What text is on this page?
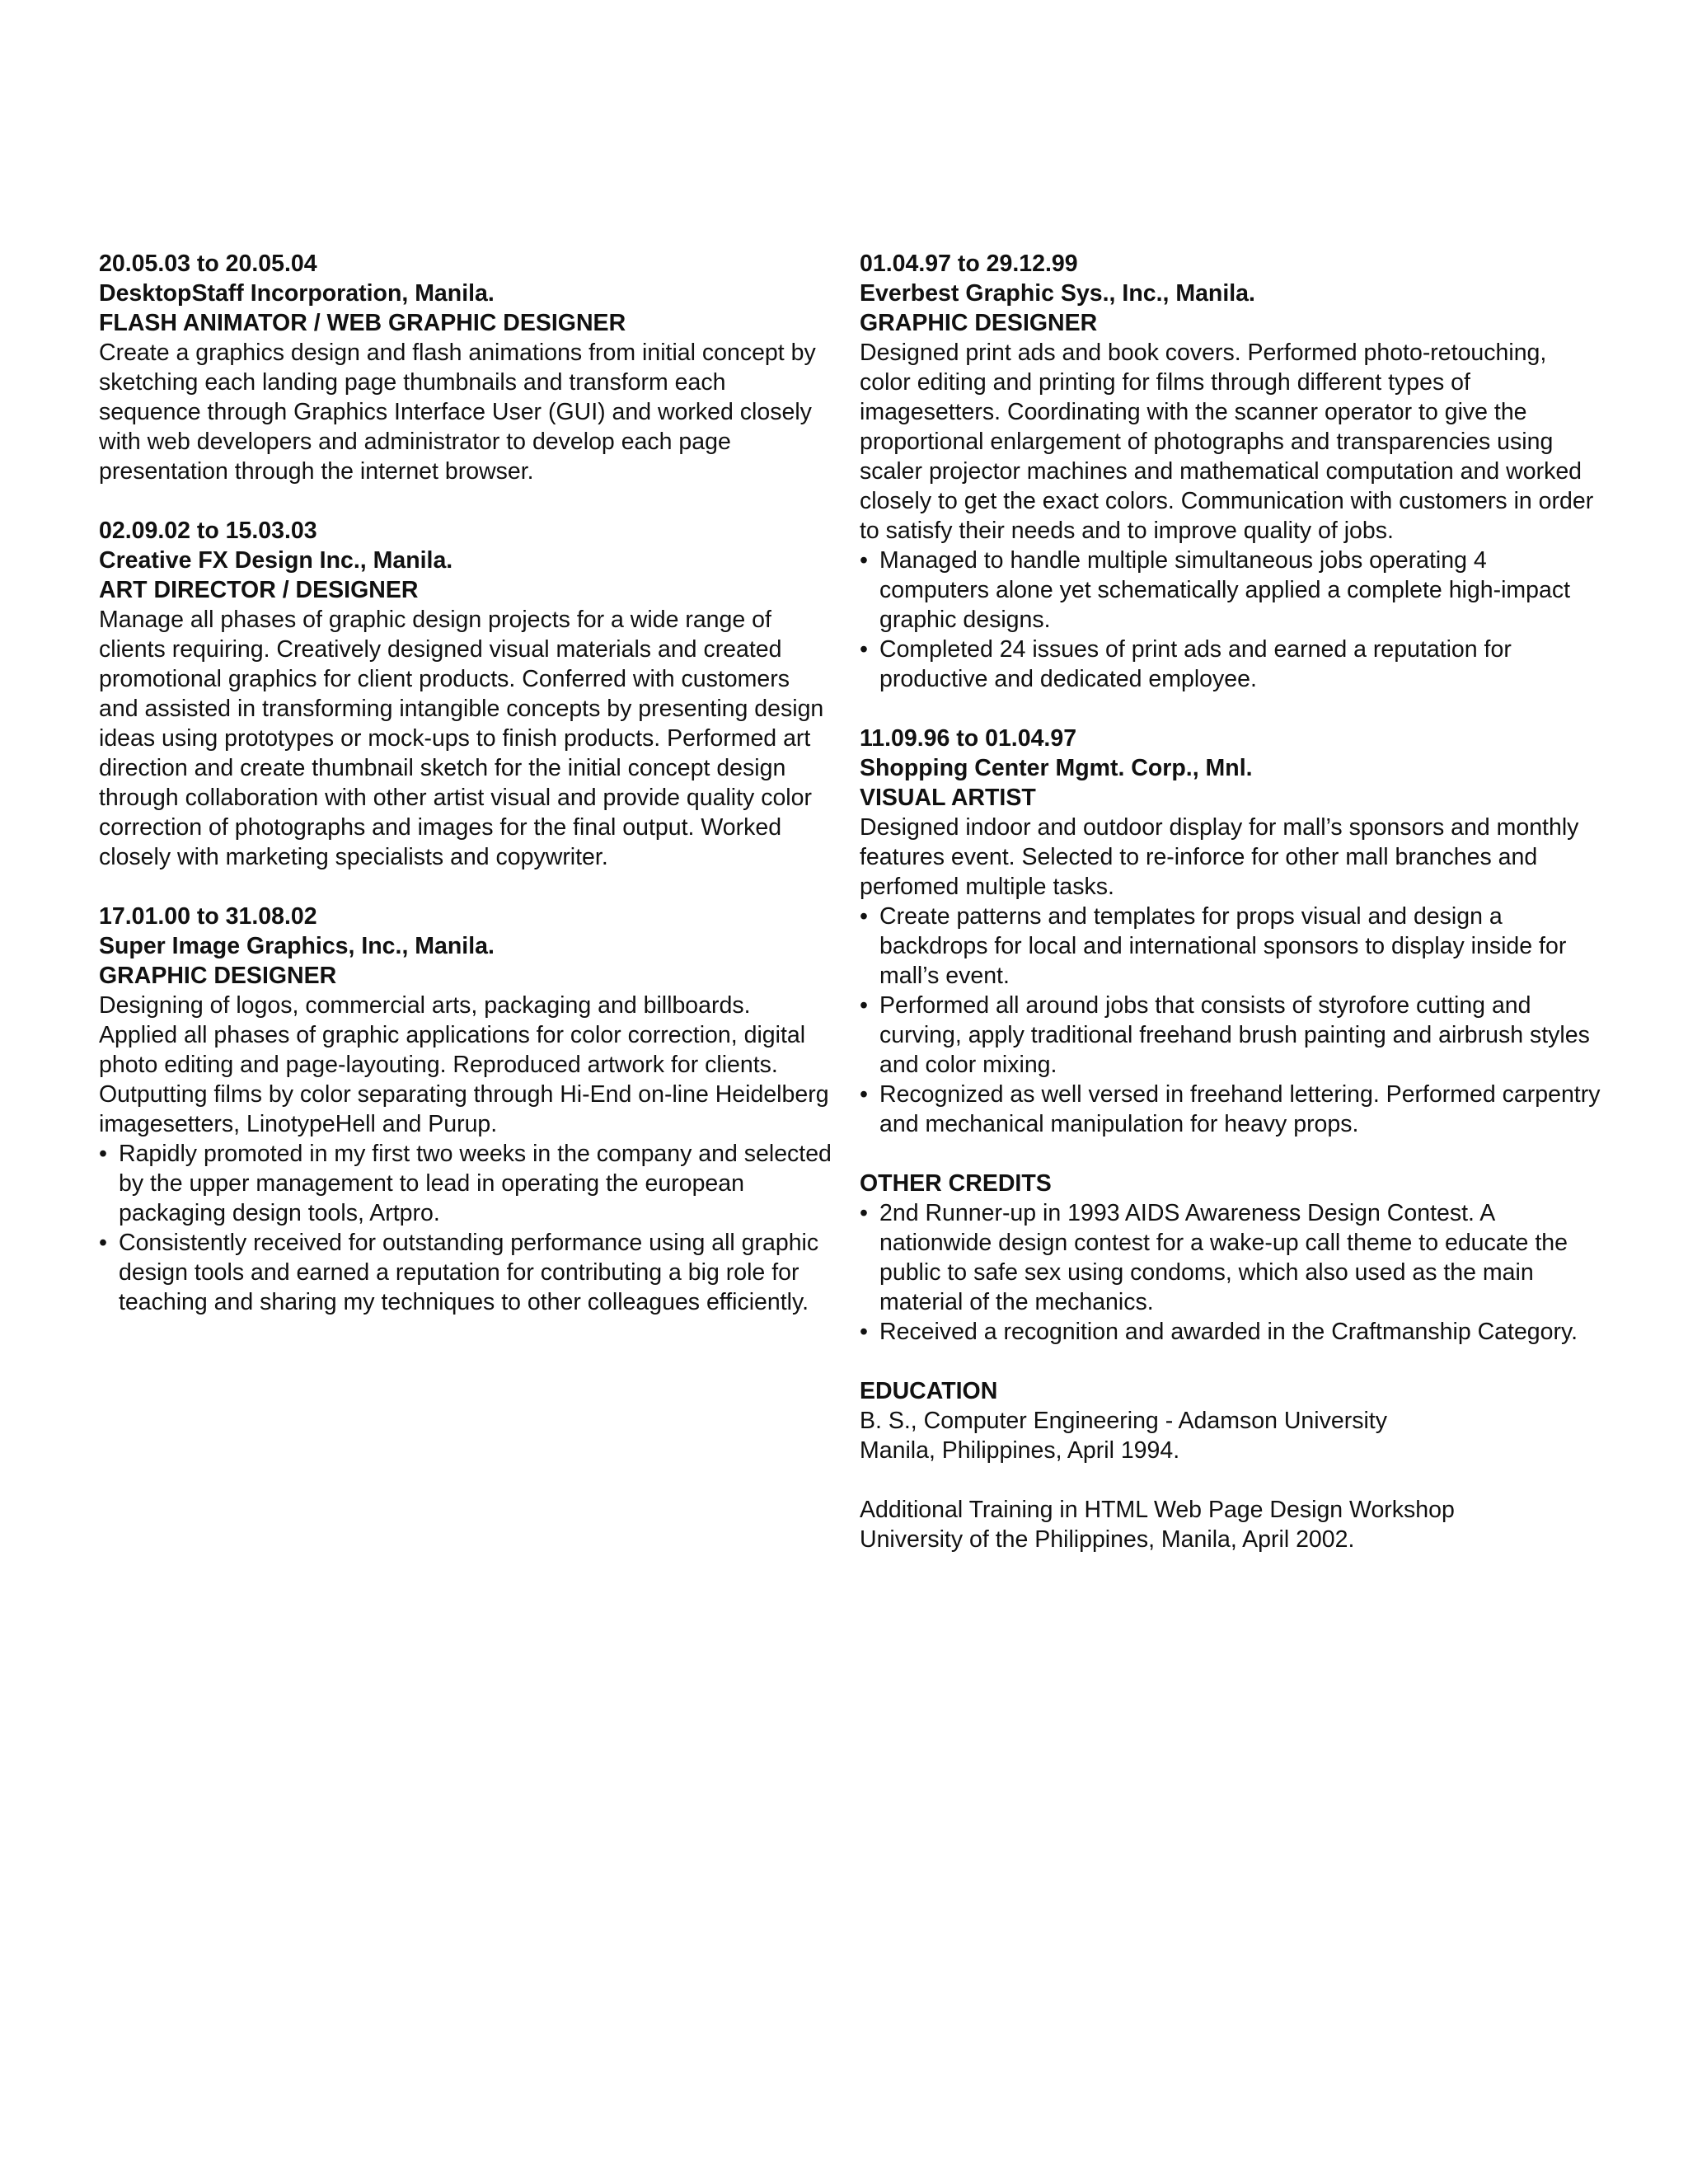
20.05.03 to 20.05.04

DesktopStaff Incorporation, Manila.

FLASH ANIMATOR / WEB GRAPHIC DESIGNER

Create a graphics design and flash animations from initial concept by sketching each landing page thumbnails and transform each sequence through Graphics Interface User (GUI) and worked closely with web developers and administrator to develop each page presentation through the internet browser.

02.09.02 to 15.03.03

Creative FX Design Inc., Manila.

ART DIRECTOR / DESIGNER

Manage all phases of graphic design projects for a wide range of clients requiring. Creatively designed visual materials and created promotional graphics for client products. Conferred with customers and assisted in transforming intangible concepts by presenting design ideas using prototypes or mock-ups to finish products. Performed art direction and create thumbnail sketch for the initial concept design through collaboration with other artist visual and provide quality color correction of photographs and images for the final output. Worked closely with marketing specialists and copywriter.

17.01.00 to 31.08.02

Super Image Graphics, Inc., Manila.

GRAPHIC DESIGNER

Designing of logos, commercial arts, packaging and billboards. Applied all phases of graphic applications for color correction, digital photo editing and page-layouting. Reproduced artwork for clients. Outputting films by color separating through Hi-End on-line Heidelberg imagesetters, LinotypeHell and Purup.

• Rapidly promoted in my first two weeks in the company and selected by the upper management to lead in operating the european packaging design tools, Artpro.
• Consistently received for outstanding performance using all graphic design tools and earned a reputation for contributing a big role for teaching and sharing my techniques to other colleagues efficiently.

01.04.97 to 29.12.99

Everbest Graphic Sys., Inc., Manila.

GRAPHIC DESIGNER

Designed print ads and book covers. Performed photo-retouching, color editing and printing for films through different types of imagesetters. Coordinating with the scanner operator to give the proportional enlargement of photographs and transparencies using scaler projector machines and mathematical computation and worked closely to get the exact colors. Communication with customers in order to satisfy their needs and to improve quality of jobs.

• Managed to handle multiple simultaneous jobs operating 4 computers alone yet schematically applied a complete high-impact graphic designs.
• Completed 24 issues of print ads and earned a reputation for productive and dedicated employee.

11.09.96 to 01.04.97

Shopping Center Mgmt. Corp., Mnl.

VISUAL ARTIST

Designed indoor and outdoor display for mall’s sponsors and monthly features event. Selected to re-inforce for other mall branches and perfomed multiple tasks.

• Create patterns and templates for props visual and design a backdrops for local and international sponsors to display inside for mall’s event.
• Performed all around jobs that consists of styrofore cutting and curving, apply traditional freehand brush painting and airbrush styles and color mixing.
• Recognized as well versed in freehand lettering. Performed carpentry and mechanical manipulation for heavy props.

OTHER CREDITS

• 2nd Runner-up in 1993 AIDS Awareness Design Contest. A nationwide design contest for a wake-up call theme to educate the public to safe sex using condoms, which also used as the main material of the mechanics.
• Received a recognition and awarded in the Craftmanship Category.

EDUCATION

B. S., Computer Engineering - Adamson University

Manila, Philippines, April 1994.

Additional Training in HTML Web Page Design Workshop

University of the Philippines, Manila, April 2002.
